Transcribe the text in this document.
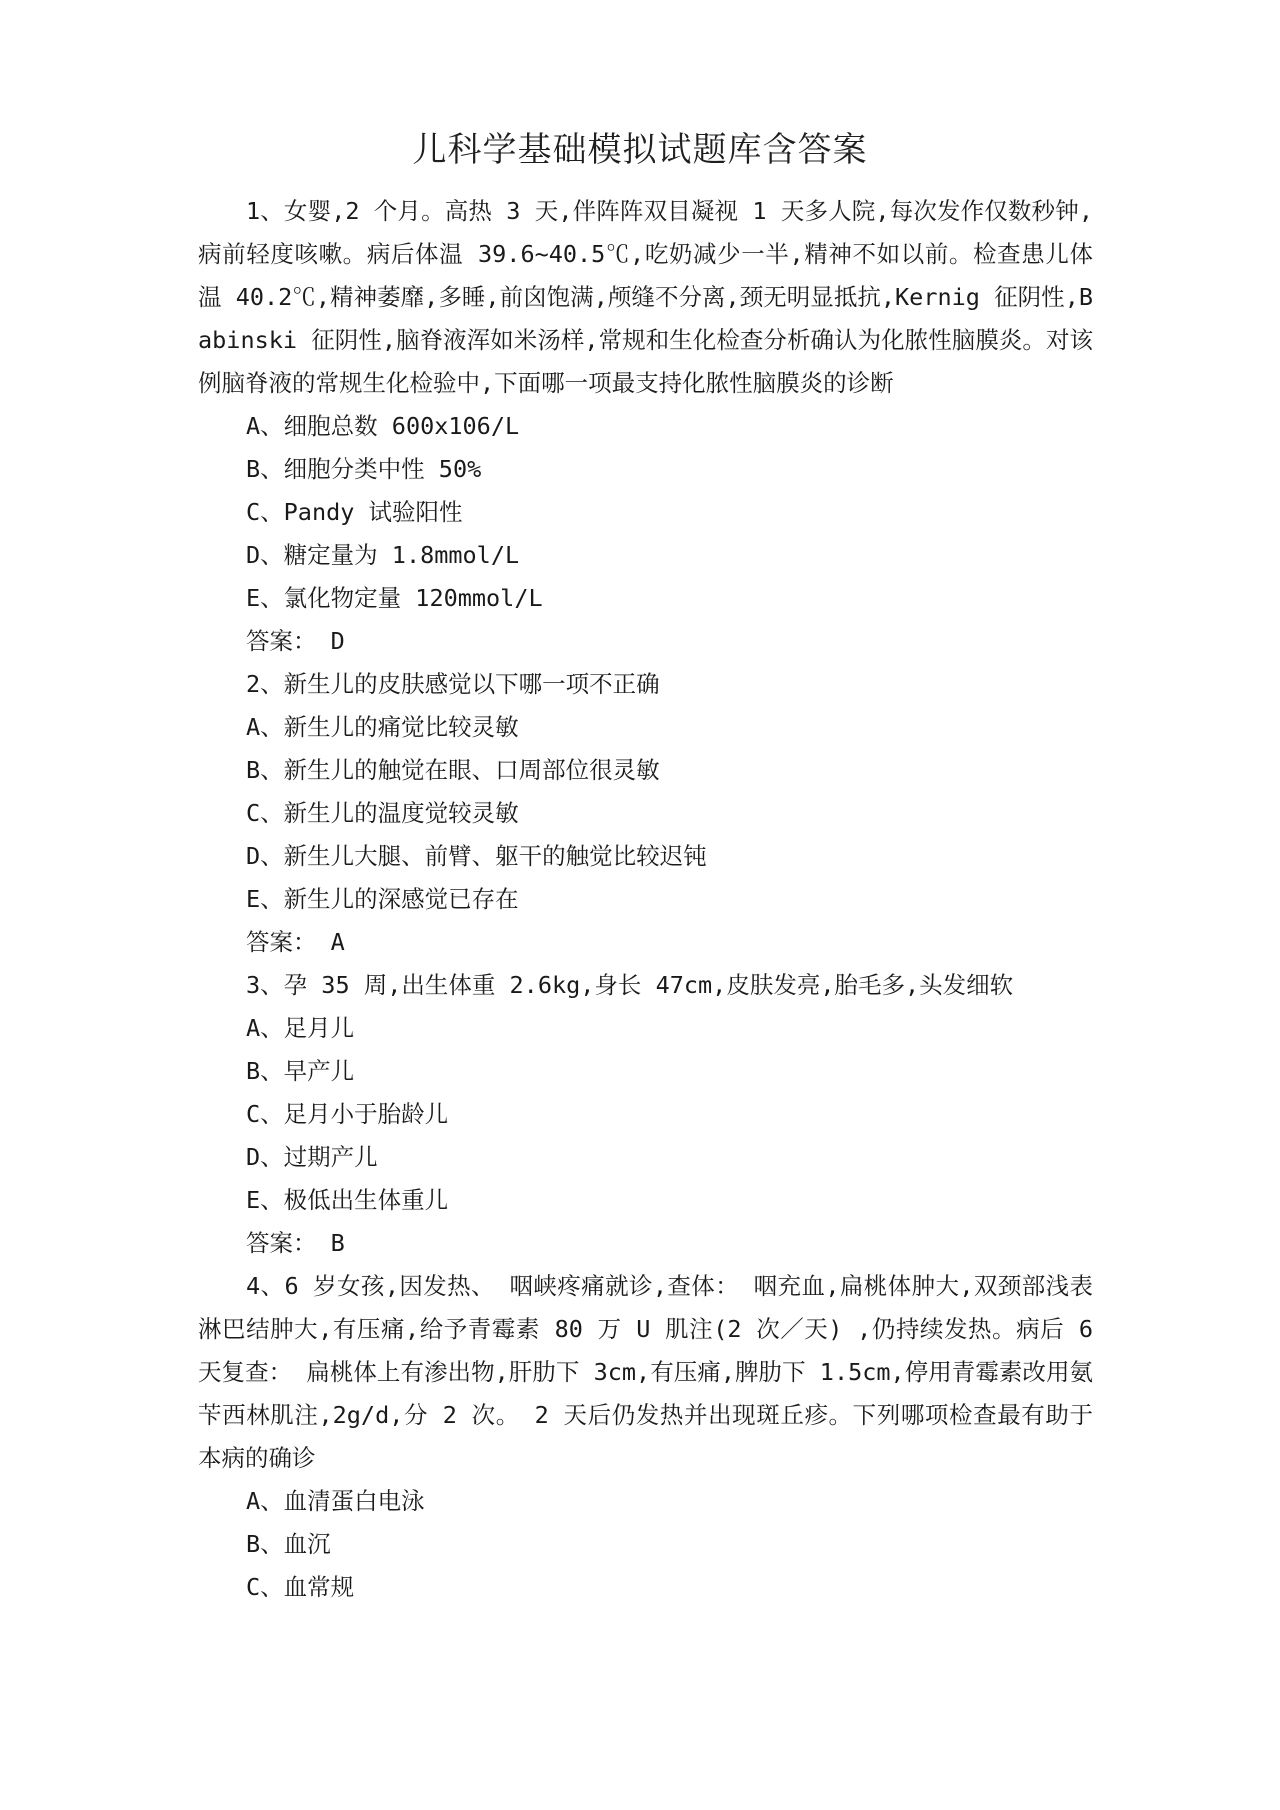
儿科学基础模拟试题库含答案

1、女婴,2 个月。高热 3 天,伴阵阵双目凝视 1 天多人院,每次发作仅数秒钟,病前轻度咳嗽。病后体温 39.6~40.5℃,吃奶减少一半,精神不如以前。检查患儿体温 40.2℃,精神萎靡,多睡,前囟饱满,颅缝不分离,颈无明显抵抗,Kernig 征阴性,Babinski 征阴性,脑脊液浑如米汤样,常规和生化检查分析确认为化脓性脑膜炎。对该例脑脊液的常规生化检验中,下面哪一项最支持化脓性脑膜炎的诊断

A、细胞总数 600x106/L

B、细胞分类中性 50%

C、Pandy 试验阳性

D、糖定量为 1.8mmol/L

E、氯化物定量 120mmol/L

答案： D

2、新生儿的皮肤感觉以下哪一项不正确

A、新生儿的痛觉比较灵敏

B、新生儿的触觉在眼、口周部位很灵敏

C、新生儿的温度觉较灵敏

D、新生儿大腿、前臂、躯干的触觉比较迟钝

E、新生儿的深感觉已存在

答案： A

3、孕 35 周,出生体重 2.6kg,身长 47cm,皮肤发亮,胎毛多,头发细软

A、足月儿

B、早产儿

C、足月小于胎龄儿

D、过期产儿

E、极低出生体重儿

答案： B

4、6 岁女孩,因发热、 咽峡疼痛就诊,查体： 咽充血,扁桃体肿大,双颈部浅表淋巴结肿大,有压痛,给予青霉素 80 万 U 肌注(2 次／天) ,仍持续发热。病后 6 天复查： 扁桃体上有渗出物,肝肋下 3cm,有压痛,脾肋下 1.5cm,停用青霉素改用氨苄西林肌注,2g/d,分 2 次。 2 天后仍发热并出现斑丘疹。下列哪项检查最有助于本病的确诊

A、血清蛋白电泳

B、血沉

C、血常规
